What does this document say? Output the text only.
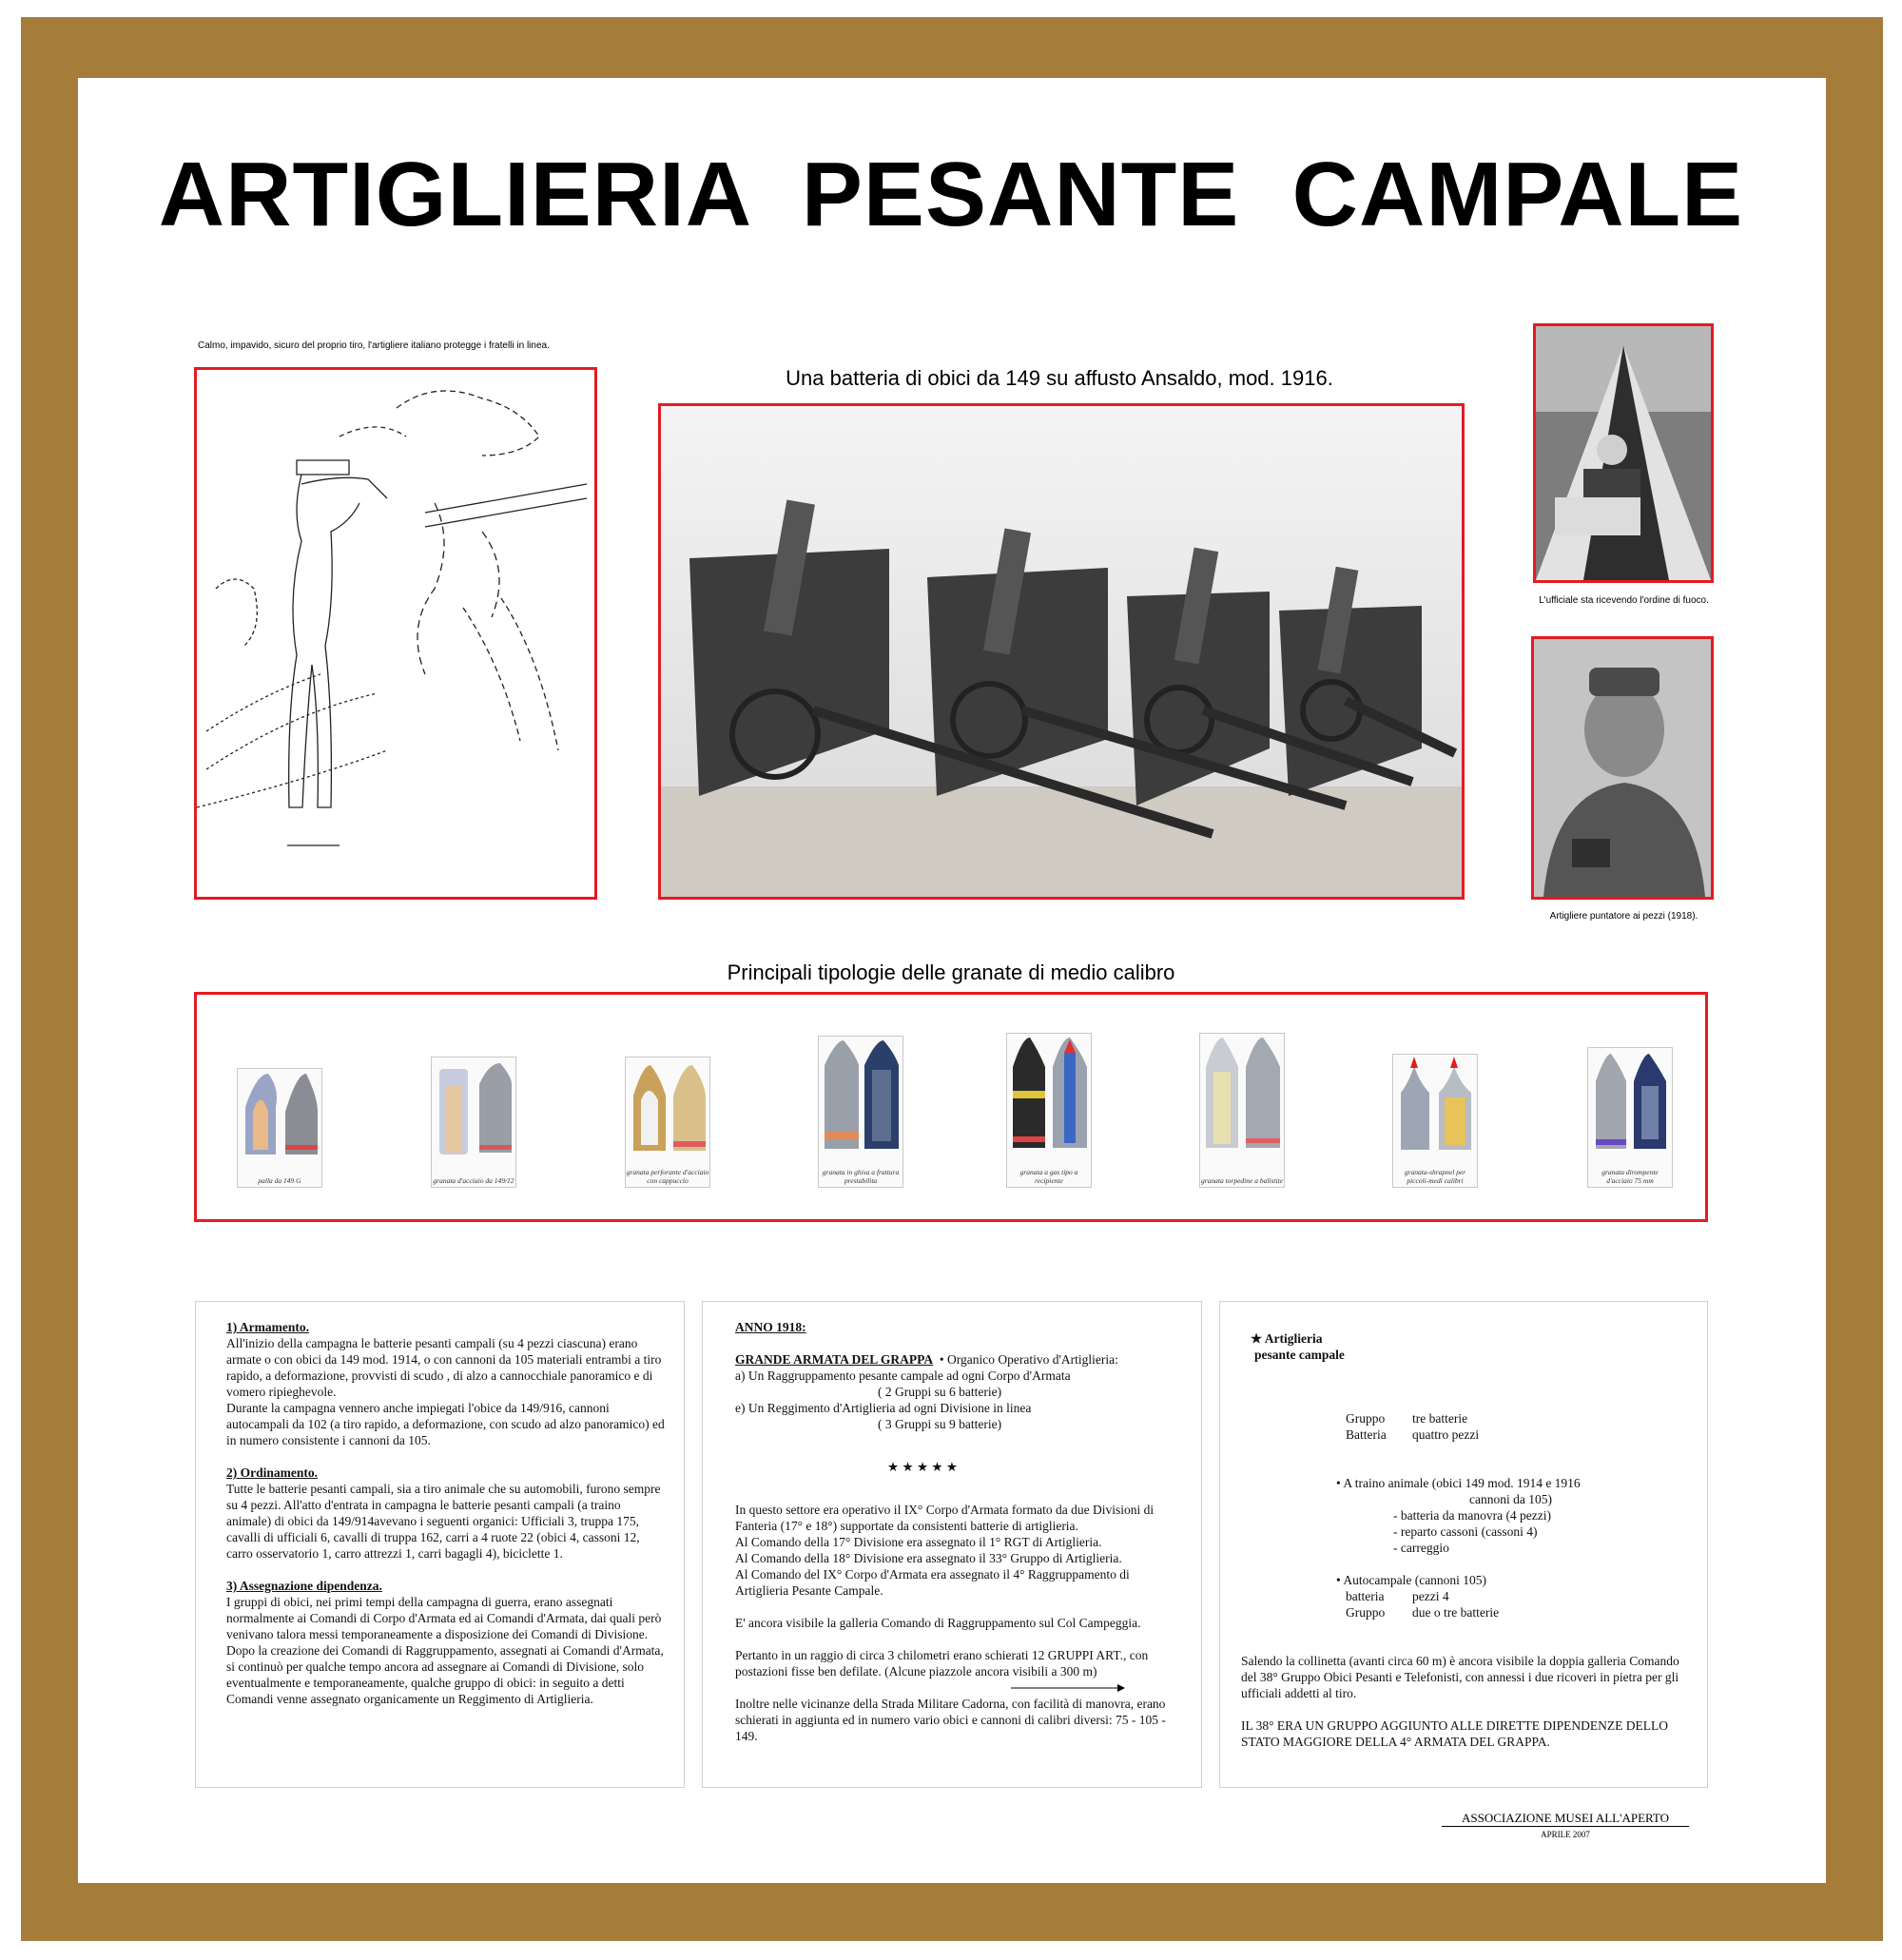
ARTIGLIERIA  PESANTE  CAMPALE
Calmo, impavido, sicuro del proprio tiro, l'artigliere italiano protegge i fratelli in linea.
Una batteria di obici da 149 su affusto Ansaldo, mod. 1916.
L'ufficiale sta ricevendo l'ordine di fuoco.
Artigliere puntatore ai pezzi (1918).
Principali tipologie delle granate di medio calibro
palla da 149 G	granata d'acciaio da 149/12
granata perforante d'acciaio con cappuccio
granata in ghisa a frattura prestabilita
granata a gas tipo a recipiente	granata torpedine a balistite
granata-shrapnel per piccoli-medi calibri
granata dirompente d'acciaio 75 mm

1) Armamento.

All'inizio della campagna le batterie pesanti campali (su 4 pezzi ciascuna) erano armate o con obici da 149 mod. 1914, o con cannoni da 105 materiali entrambi a tiro rapido, a deformazione, provvisti di scudo , di alzo a cannocchiale panoramico e di vomero ripieghevole.

Durante la campagna vennero anche impiegati l'obice da 149/916, cannoni autocampali da 102 (a tiro rapido, a deformazione, con scudo ad alzo panoramico) ed in numero consistente i cannoni da 105.

2) Ordinamento.

Tutte le batterie pesanti campali, sia a tiro animale che su automobili, furono sempre su 4 pezzi. All'atto d'entrata in campagna le batterie pesanti campali (a traino animale) di obici da 149/914avevano i seguenti organici: Ufficiali 3, truppa 175, cavalli di ufficiali 6, cavalli di truppa 162, carri a 4 ruote 22 (obici 4, cassoni 12, carro osservatorio 1, carro attrezzi 1, carri bagagli 4), biciclette 1.

3) Assegnazione dipendenza.

I gruppi di obici, nei primi tempi della campagna di guerra, erano assegnati normalmente ai Comandi di Corpo d'Armata ed ai Comandi d'Armata, dai quali però venivano talora messi temporaneamente a disposizione dei Comandi di Divisione.

Dopo la creazione dei Comandi di Raggruppamento, assegnati ai Comandi d'Armata, si continuò per qualche tempo ancora ad assegnare ai Comandi di Divisione, solo eventualmente e temporaneamente, qualche gruppo di obici: in seguito a detti Comandi venne assegnato organicamente un Reggimento di Artiglieria.

ANNO 1918:

GRANDE ARMATA DEL GRAPPA • Organico Operativo d'Artiglieria:

a) Un Raggruppamento pesante campale ad ogni Corpo d'Armata

( 2 Gruppi su 6 batterie)

e) Un Reggimento d'Artiglieria ad ogni Divisione in linea

( 3 Gruppi su 9 batterie)

★ ★ ★ ★ ★

In questo settore era operativo il IX° Corpo d'Armata formato da due Divisioni di Fanteria (17° e 18°) supportate da consistenti batterie di artiglieria.

Al Comando della 17° Divisione era assegnato il 1° RGT di Artiglieria.

Al Comando della 18° Divisione era assegnato il 33° Gruppo di Artiglieria.

Al Comando del IX° Corpo d'Armata era assegnato il 4° Raggruppamento di Artiglieria Pesante Campale.

E' ancora visibile la galleria Comando di Raggruppamento sul Col Campeggia.

Pertanto in un raggio di circa 3 chilometri erano schierati 12 GRUPPI ART., con postazioni fisse ben defilate. (Alcune piazzole ancora visibili a 300 m)

Inoltre nelle vicinanze della Strada Militare Cadorna, con facilità di manovra, erano schierati in aggiunta ed in numero vario obici e cannoni di calibri diversi: 75 - 105 - 149.

★ Artiglieria

pesante campale

Gruppo tre batterie

Batteria quattro pezzi

• A traino animale (obici 149 mod. 1914 e 1916

cannoni da 105)

- batteria da manovra (4 pezzi)

- reparto cassoni (cassoni 4)

- carreggio

• Autocampale (cannoni 105)

batteria pezzi 4

Gruppo due o tre batterie

Salendo la collinetta (avanti circa 60 m) è ancora visibile la doppia galleria Comando del 38° Gruppo Obici Pesanti e Telefonisti, con annessi i due ricoveri in pietra per gli ufficiali addetti al tiro.

IL 38° ERA UN GRUPPO AGGIUNTO ALLE DIRETTE DIPENDENZE DELLO STATO MAGGIORE DELLA 4° ARMATA DEL GRAPPA.

ASSOCIAZIONE MUSEI ALL'APERTO
APRILE 2007
